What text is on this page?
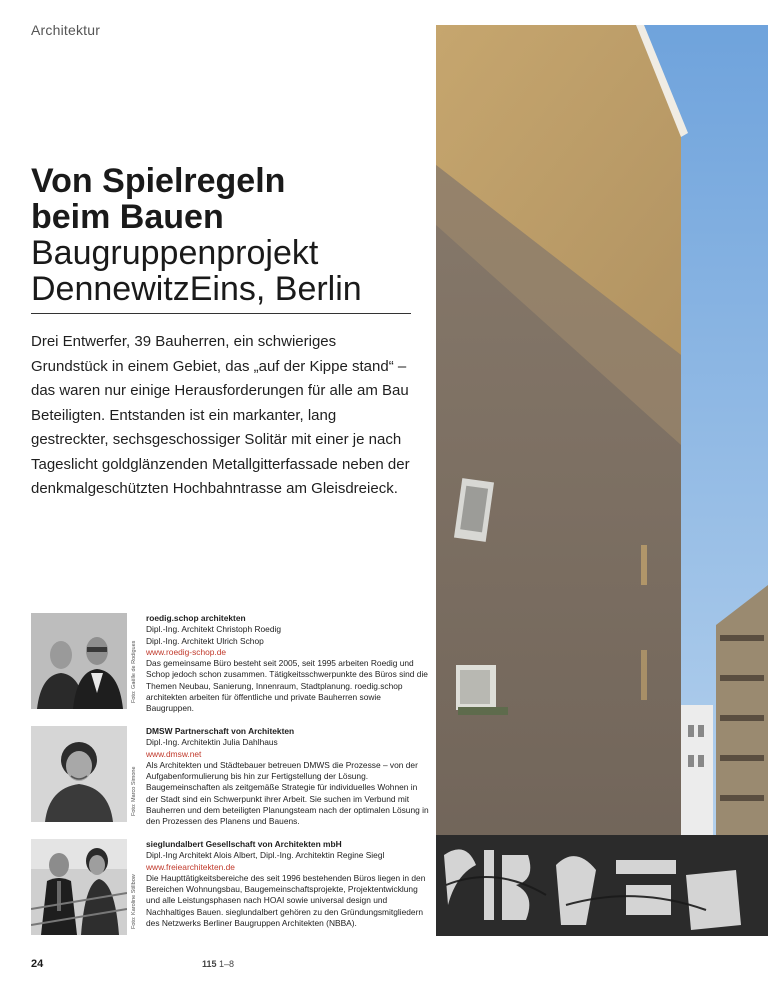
Architektur
Von Spielregeln
beim Bauen
Baugruppenprojekt
DennewitzEins, Berlin

Drei Entwerfer, 39 Bauherren, ein schwieriges Grundstück in einem Gebiet, das „auf der Kippe stand“ – das waren nur einige Herausforderungen für alle am Bau Beteiligten. Entstanden ist ein markanter, lang gestreckter, sechsgeschossiger Solitär mit einer je nach Tageslicht goldglänzenden Metallgitterfassade neben der denkmalgeschützten Hochbahntrasse am Gleisdreieck.

Foto: Gaëlle de Rodigues
roedig.schop architekten
Dipl.-Ing. Architekt Christoph Roedig
Dipl.-Ing. Architekt Ulrich Schop
www.roedig-schop.de
Das gemeinsame Büro besteht seit 2005, seit 1995 arbeiten Roedig und Schop jedoch schon zusammen. Tätigkeitsschwerpunkte des Büros sind die Themen Neubau, Sanierung, Innenraum, Stadtplanung. roedig.schop architekten arbeiten für öffentliche und private Bauherren sowie Baugruppen.
Foto: Marco Simone
DMSW Partnerschaft von Architekten
Dipl.-Ing. Architektin Julia Dahlhaus
www.dmsw.net
Als Architekten und Städtebauer betreuen DMWS die Prozesse – von der Aufgabenformulierung bis hin zur Fertigstellung der Lösung. Baugemeinschaften als zeitgemäße Strategie für individuelles Wohnen in der Stadt sind ein Schwerpunkt ihrer Arbeit. Sie suchen im Verbund mit Bauherren und dem beteiligten Planungsteam nach der optimalen Lösung in den Prozessen des Planens und Bauens.
Foto: Karoline Stillbow
sieglundalbert Gesellschaft von Architekten mbH
Dipl.-Ing Architekt Alois Albert, Dipl.-Ing. Architektin Regine Siegl
www.freiearchitekten.de
Die Haupttätigkeitsbereiche des seit 1996 bestehenden Büros liegen in den Bereichen Wohnungsbau, Baugemeinschaftsprojekte, Projektentwicklung und alle Leistungsphasen nach HOAI sowie universal design und Nachhaltiges Bauen. sieglundalbert gehören zu den Gründungsmitgliedern des Netzwerks Berliner Baugruppen Architekten (NBBA).
24	115 1–8
